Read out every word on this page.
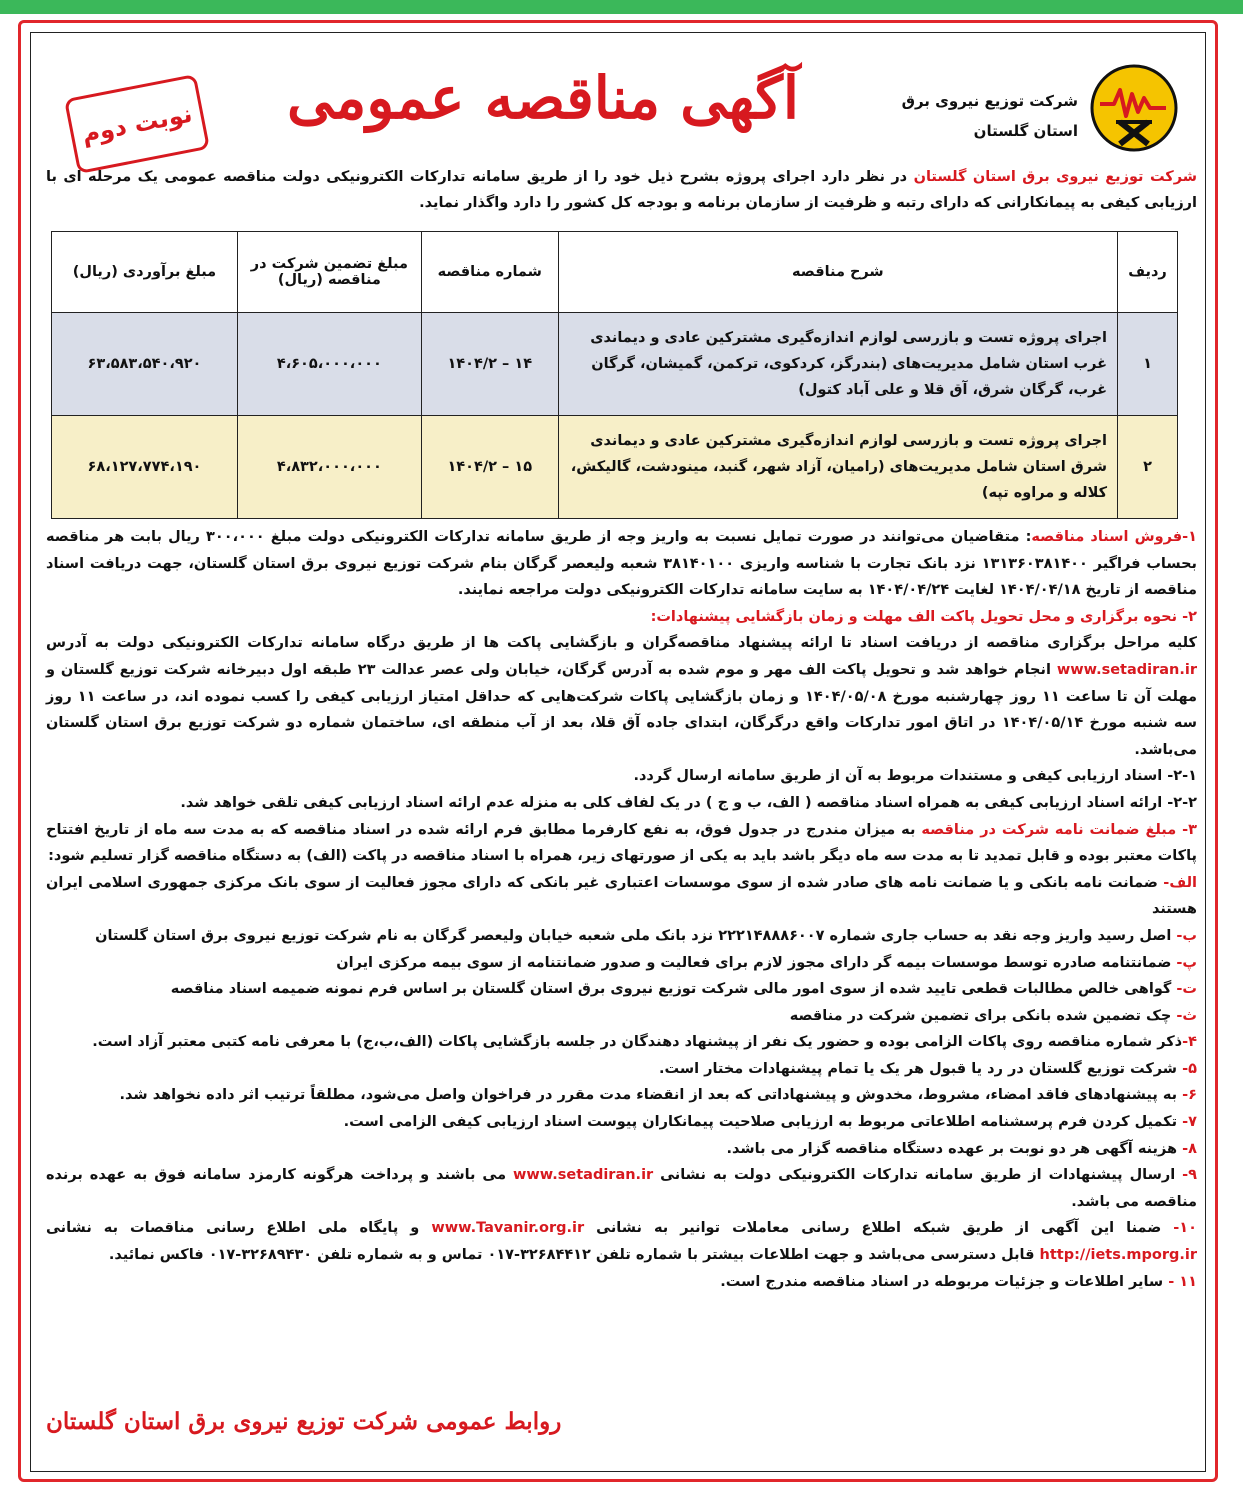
شرکت توزیع نیروی برق
استان گلستان
آگهی مناقصه عمومی
نوبت دوم
شرکت توزیع نیروی برق استان گلستان در نظر دارد اجرای پروژه بشرح ذیل خود را از طریق سامانه تدارکات الکترونیکی دولت مناقصه عمومی یک مرحله ای با ارزیابی کیفی به پیمانکارانی که دارای رتبه و ظرفیت از سازمان برنامه و بودجه کل کشور را دارد واگذار نماید.
ردیف	شرح مناقصه	شماره مناقصه	مبلغ تضمین شرکت در مناقصه (ریال)	مبلغ برآوردی (ریال)
۱	اجرای پروژه تست و بازرسی لوازم اندازه‌گیری مشترکین عادی و دیماندی غرب استان شامل مدیریت‌های (بندرگز، کردکوی، ترکمن، گمیشان، گرگان غرب، گرگان شرق، آق قلا و علی آباد کتول)	۱۴ – ۱۴۰۴/۲	۴،۶۰۵،۰۰۰،۰۰۰	۶۳،۵۸۳،۵۴۰،۹۲۰
۲	اجرای پروژه تست و بازرسی لوازم اندازه‌گیری مشترکین عادی و دیماندی شرق استان شامل مدیریت‌های (رامیان، آزاد شهر، گنبد، مینودشت، گالیکش، کلاله و مراوه تپه)	۱۵ – ۱۴۰۴/۲	۴،۸۳۲،۰۰۰،۰۰۰	۶۸،۱۲۷،۷۷۴،۱۹۰

۱-فروش اسناد مناقصه: متقاضیان می‌توانند در صورت تمایل نسبت به واریز وجه از طریق سامانه تدارکات الکترونیکی دولت مبلغ ۳۰۰،۰۰۰ ریال بابت هر مناقصه بحساب فراگیر ۱۳۱۳۶۰۳۸۱۴۰۰ نزد بانک تجارت با شناسه واریزی ۳۸۱۴۰۱۰۰ شعبه ولیعصر گرگان بنام شرکت توزیع نیروی برق استان گلستان، جهت دریافت اسناد مناقصه از تاریخ ۱۴۰۴/۰۴/۱۸ لغایت ۱۴۰۴/۰۴/۲۴ به سایت سامانه تدارکات الکترونیکی دولت مراجعه نمایند.

۲- نحوه برگزاری و محل تحویل پاکت الف مهلت و زمان بازگشایی پیشنهادات:

کلیه مراحل برگزاری مناقصه از دریافت اسناد تا ارائه پیشنهاد مناقصه‌گران و بازگشایی پاکت ها از طریق درگاه سامانه تدارکات الکترونیکی دولت به آدرس www.setadiran.ir انجام خواهد شد و تحویل پاکت الف مهر و موم شده به آدرس گرگان، خیابان ولی عصر عدالت ۲۳ طبقه اول دبیرخانه شرکت توزیع گلستان و مهلت آن تا ساعت ۱۱ روز چهارشنبه مورخ ۱۴۰۴/۰۵/۰۸ و زمان بازگشایی پاکات شرکت‌هایی که حداقل امتیاز ارزیابی کیفی را کسب نموده اند، در ساعت ۱۱ روز سه شنبه مورخ ۱۴۰۴/۰۵/۱۴ در اتاق امور تدارکات واقع درگرگان، ابتدای جاده آق قلا، بعد از آب منطقه ای، ساختمان شماره دو شرکت توزیع برق استان گلستان می‌باشد.

۲-۱- اسناد ارزیابی کیفی و مستندات مربوط به آن از طریق سامانه ارسال گردد.

۲-۲- ارائه اسناد ارزیابی کیفی به همراه اسناد مناقصه ( الف، ب و ج ) در یک لفاف کلی به منزله عدم ارائه اسناد ارزیابی کیفی تلقی خواهد شد.

۳- مبلغ ضمانت نامه شرکت در مناقصه به میزان مندرج در جدول فوق، به نفع کارفرما مطابق فرم ارائه شده در اسناد مناقصه که به مدت سه ماه از تاریخ افتتاح پاکات معتبر بوده و قابل تمدید تا به مدت سه ماه دیگر باشد باید به یکی از صورتهای زیر، همراه با اسناد مناقصه در پاکت (الف) به دستگاه مناقصه گزار تسلیم شود:

الف- ضمانت نامه بانکی و یا ضمانت نامه های صادر شده از سوی موسسات اعتباری غیر بانکی که دارای مجوز فعالیت از سوی بانک مرکزی جمهوری اسلامی ایران هستند

ب- اصل رسید واریز وجه نقد به حساب جاری شماره ۲۲۲۱۴۸۸۸۶۰۰۷ نزد بانک ملی شعبه خیابان ولیعصر گرگان به نام شرکت توزیع نیروی برق استان گلستان

پ- ضمانتنامه صادره توسط موسسات بیمه گر دارای مجوز لازم برای فعالیت و صدور ضمانتنامه از سوی بیمه مرکزی ایران

ت- گواهی خالص مطالبات قطعی تایید شده از سوی امور مالی شرکت توزیع نیروی برق استان گلستان بر اساس فرم نمونه ضمیمه اسناد مناقصه

ث- چک تضمین شده بانکی برای تضمین شرکت در مناقصه

۴-ذکر شماره مناقصه روی پاکات الزامی بوده و حضور یک نفر از پیشنهاد دهندگان در جلسه بازگشایی پاکات (الف،ب،ج) با معرفی نامه کتبی معتبر آزاد است.

۵- شرکت توزیع گلستان در رد یا قبول هر یک یا تمام پیشنهادات مختار است.

۶- به پیشنهادهای فاقد امضاء، مشروط، مخدوش و پیشنهاداتی که بعد از انقضاء مدت مقرر در فراخوان واصل می‌شود، مطلقاً ترتیب اثر داده نخواهد شد.

۷- تکمیل کردن فرم پرسشنامه اطلاعاتی مربوط به ارزیابی صلاحیت پیمانکاران پیوست اسناد ارزیابی کیفی الزامی است.

۸- هزینه آگهی هر دو نوبت بر عهده دستگاه مناقصه گزار می باشد.

۹- ارسال پیشنهادات از طریق سامانه تدارکات الکترونیکی دولت به نشانی www.setadiran.ir می باشند و پرداخت هرگونه کارمزد سامانه فوق به عهده برنده مناقصه می باشد.

۱۰- ضمنا این آگهی از طریق شبکه اطلاع رسانی معاملات توانیر به نشانی www.Tavanir.org.ir و پایگاه ملی اطلاع رسانی مناقصات به نشانی http://iets.mporg.ir قابل دسترسی می‌باشد و جهت اطلاعات بیشتر با شماره تلفن ۳۲۶۸۴۴۱۲-۰۱۷ تماس و به شماره تلفن ۳۲۶۸۹۴۳۰-۰۱۷ فاکس نمائید.

۱۱ - سایر اطلاعات و جزئیات مربوطه در اسناد مناقصه مندرج است.

روابط عمومی شرکت توزیع نیروی برق استان گلستان
